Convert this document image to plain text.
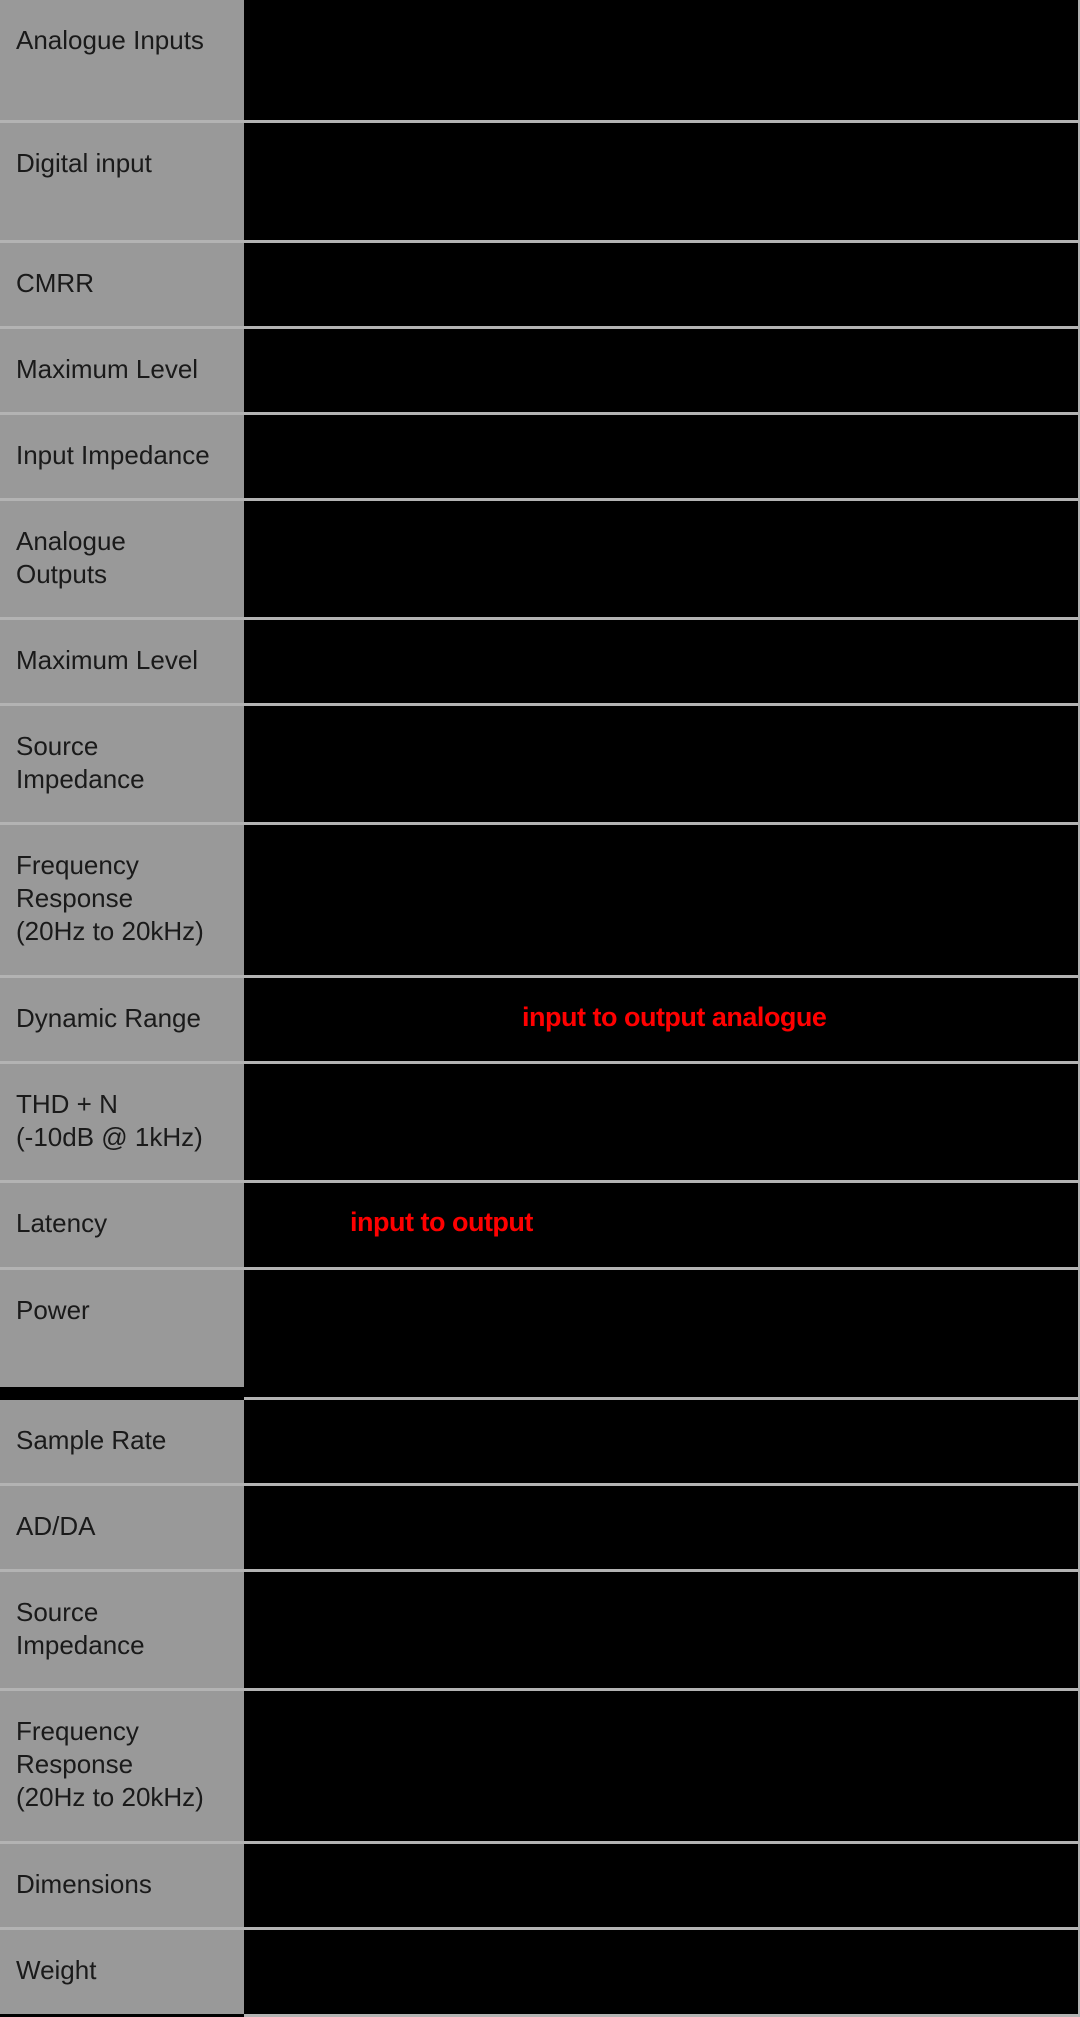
Analogue Inputs
Digital input
CMRR
Maximum Level
Input Impedance
Analogue
Outputs
Maximum Level
Source
Impedance
Frequency
Response
(20Hz to 20kHz)
Dynamic Range	input to output analogue
THD + N
(-10dB @ 1kHz)
Latency	input to output
Power
Sample Rate
AD/DA
Source
Impedance
Frequency
Response
(20Hz to 20kHz)
Dimensions
Weight
